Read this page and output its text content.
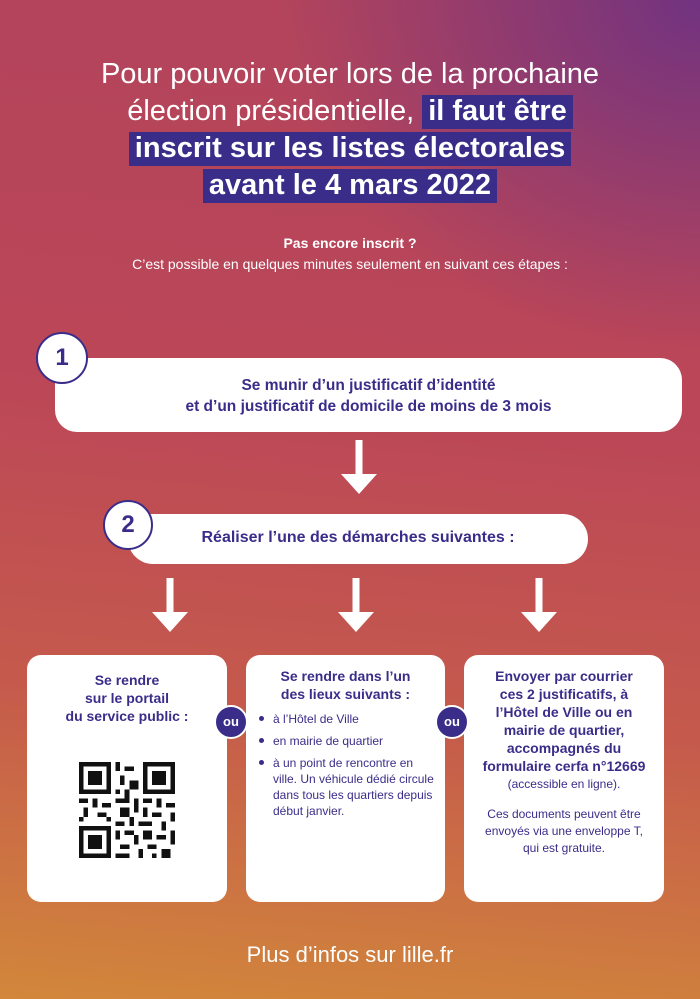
Pour pouvoir voter lors de la prochaine
élection présidentielle, il faut être
inscrit sur les listes électorales
avant le 4 mars 2022
Pas encore inscrit ?
C’est possible en quelques minutes seulement en suivant ces étapes :
Se munir d’un justificatif d’identité
et d’un justificatif de domicile de moins de 3 mois
1
Réaliser l’une des démarches suivantes :
2
Se rendre
sur le portail
du service public :
Se rendre dans l’un
des lieux suivants :
à l’Hôtel de Ville
en mairie de quartier
à un point de rencontre en ville. Un véhicule dédié circule dans tous les quartiers depuis début janvier.
Envoyer par courrier
ces 2 justificatifs, à
l’Hôtel de Ville ou en
mairie de quartier,
accompagnés du
formulaire cerfa n°12669
(accessible en ligne).
Ces documents peuvent être envoyés via une enveloppe T, qui est gratuite.
ou	ou
Plus d’infos sur lille.fr
